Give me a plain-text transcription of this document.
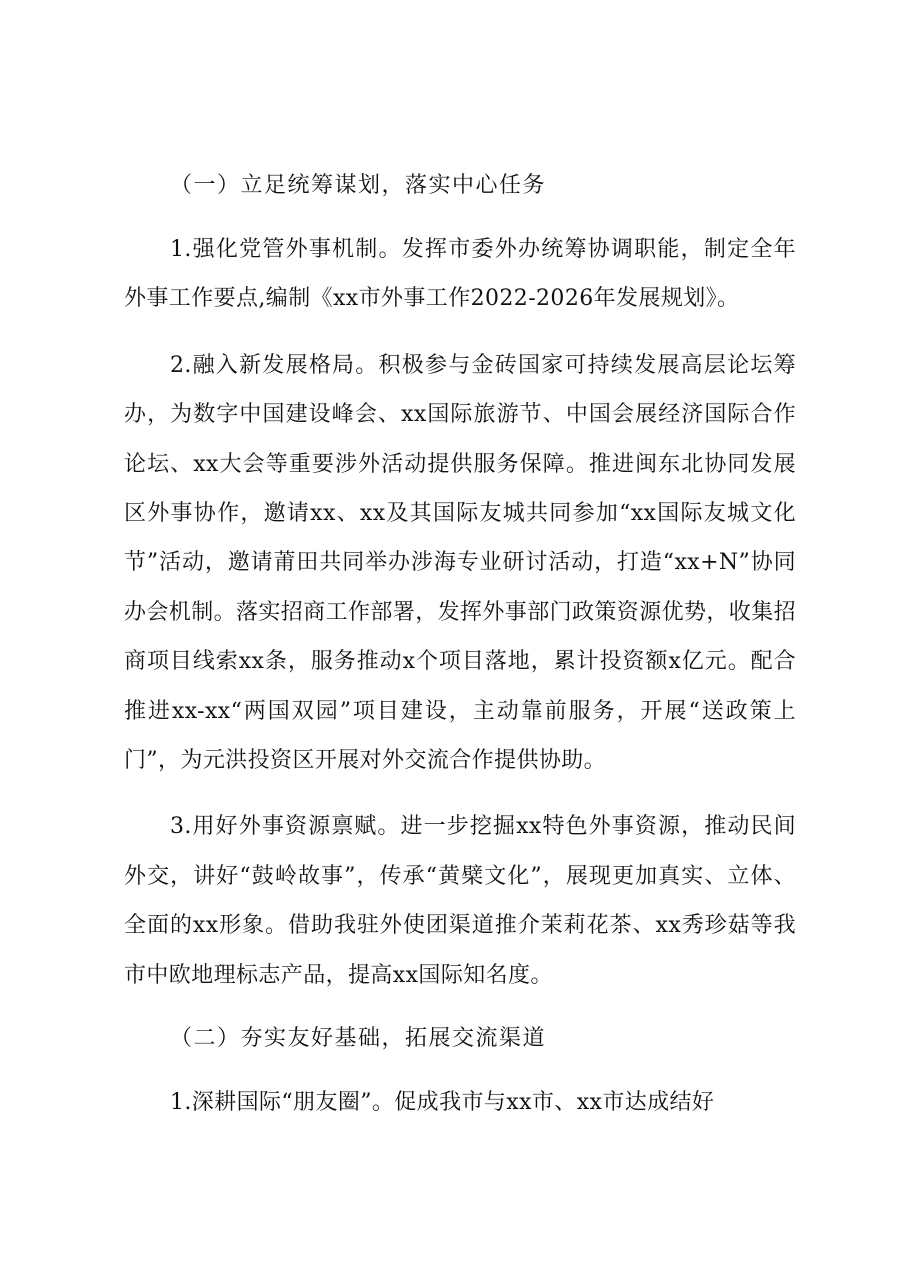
（一）立足统筹谋划，落实中心任务

1.强化党管外事机制。发挥市委外办统筹协调职能，制定全年外事工作要点,编制《xx市外事工作2022-2026年发展规划》。

2.融入新发展格局。积极参与金砖国家可持续发展高层论坛筹办，为数字中国建设峰会、xx国际旅游节、中国会展经济国际合作论坛、xx大会等重要涉外活动提供服务保障。推进闽东北协同发展区外事协作，邀请xx、xx及其国际友城共同参加“xx国际友城文化节”活动，邀请莆田共同举办涉海专业研讨活动，打造“xx+N”协同办会机制。落实招商工作部署，发挥外事部门政策资源优势，收集招商项目线索xx条，服务推动x个项目落地，累计投资额x亿元。配合推进xx-xx“两国双园”项目建设，主动靠前服务，开展“送政策上门”，为元洪投资区开展对外交流合作提供协助。

3.用好外事资源禀赋。进一步挖掘xx特色外事资源，推动民间外交，讲好“鼓岭故事”，传承“黄檗文化”，展现更加真实、立体、全面的xx形象。借助我驻外使团渠道推介茉莉花茶、xx秀珍菇等我市中欧地理标志产品，提高xx国际知名度。

（二）夯实友好基础，拓展交流渠道

1.深耕国际“朋友圈”。促成我市与xx市、xx市达成结好
